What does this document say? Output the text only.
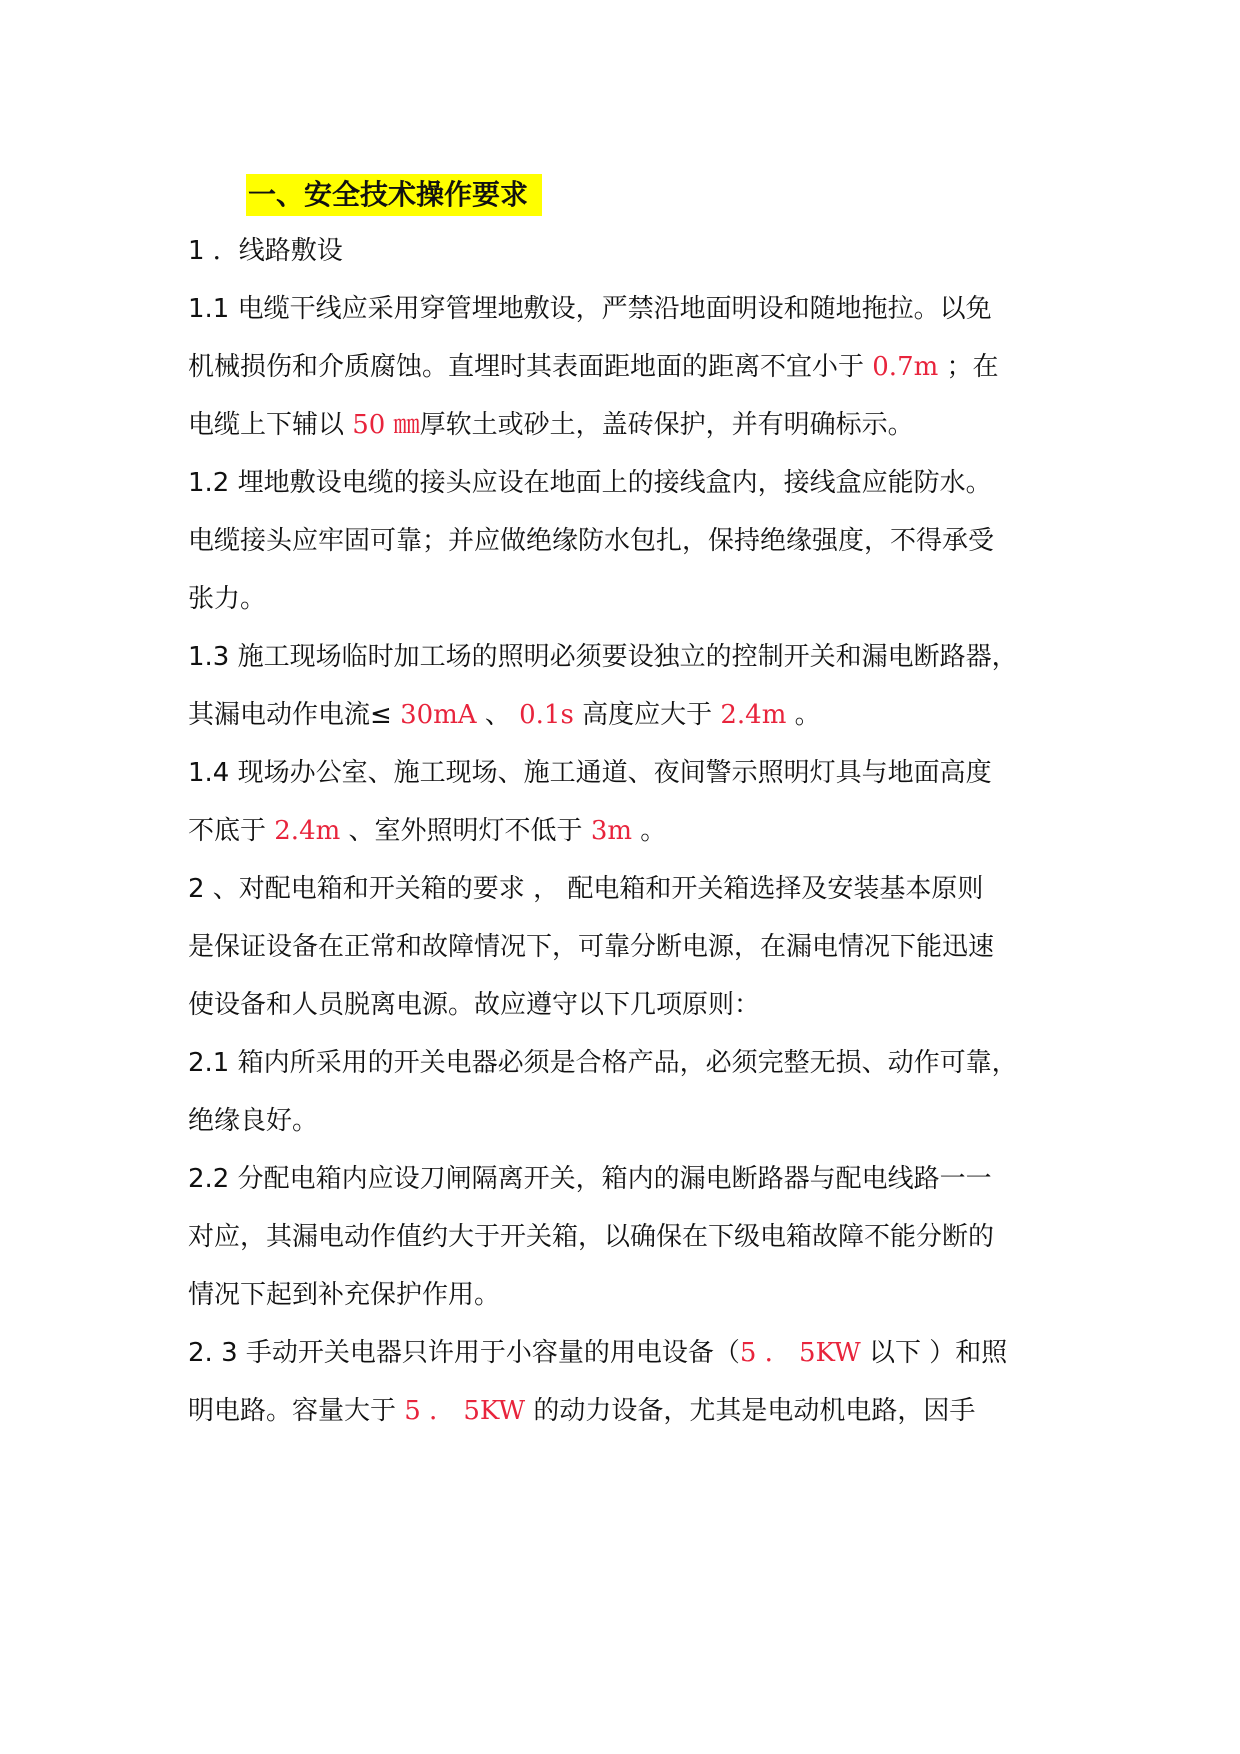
一、安全技术操作要求
1 ．线路敷设
1.1 电缆干线应采用穿管埋地敷设，严禁沿地面明设和随地拖拉。以免
机械损伤和介质腐蚀。直埋时其表面距地面的距离不宜小于 0.7m ；在
电缆上下辅以 50 ㎜厚软土或砂土，盖砖保护，并有明确标示。
1.2 埋地敷设电缆的接头应设在地面上的接线盒内，接线盒应能防水。
电缆接头应牢固可靠；并应做绝缘防水包扎，保持绝缘强度，不得承受
张力。
1.3 施工现场临时加工场的照明必须要设独立的控制开关和漏电断路器，
其漏电动作电流≤ 30mA 、 0.1s 高度应大于 2.4m 。
1.4 现场办公室、施工现场、施工通道、夜间警示照明灯具与地面高度
不底于 2.4m 、室外照明灯不低于 3m 。
2 、对配电箱和开关箱的要求 ， 配电箱和开关箱选择及安装基本原则
是保证设备在正常和故障情况下，可靠分断电源，在漏电情况下能迅速
使设备和人员脱离电源。故应遵守以下几项原则：
2.1 箱内所采用的开关电器必须是合格产品，必须完整无损、动作可靠，
绝缘良好。
2.2 分配电箱内应设刀闸隔离开关，箱内的漏电断路器与配电线路一一
对应，其漏电动作值约大于开关箱，以确保在下级电箱故障不能分断的
情况下起到补充保护作用。
2. 3 手动开关电器只许用于小容量的用电设备（5 ． 5KW 以下 ）和照
明电路。容量大于 5 ． 5KW 的动力设备，尤其是电动机电路，因手
